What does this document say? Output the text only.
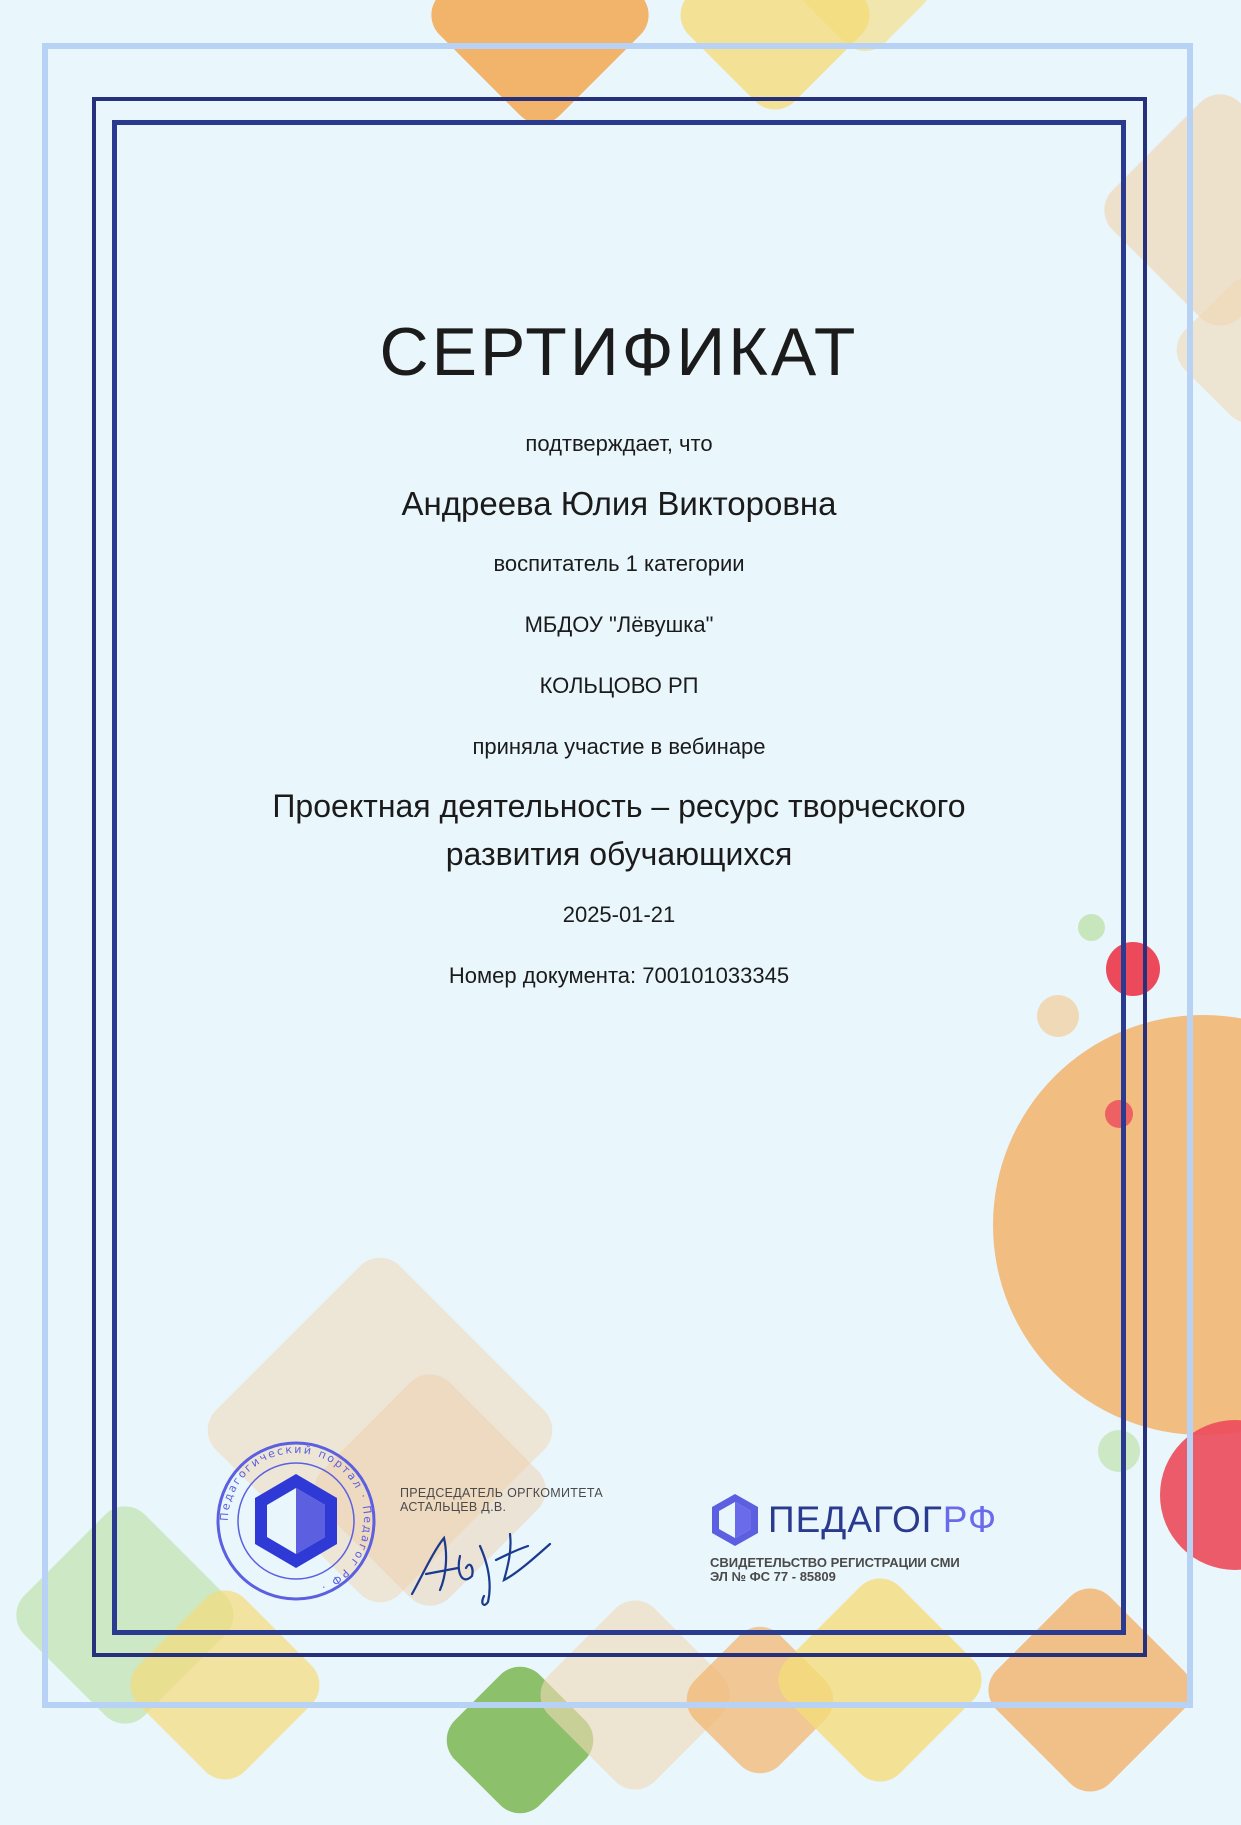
СЕРТИФИКАТ
подтверждает, что
Андреева Юлия Викторовна
воспитатель 1 категории
МБДОУ "Лёвушка"
КОЛЬЦОВО РП
приняла участие в вебинаре
Проектная деятельность – ресурс творческого
развития обучающихся
2025-01-21
Номер документа: 700101033345
Педагогический портал · Педагог РФ ·
ПРЕДСЕДАТЕЛЬ ОРГКОМИТЕТА
АСТАЛЬЦЕВ Д.В.	ПЕДАГОГРФ
СВИДЕТЕЛЬСТВО РЕГИСТРАЦИИ СМИ
ЭЛ № ФС 77 - 85809
